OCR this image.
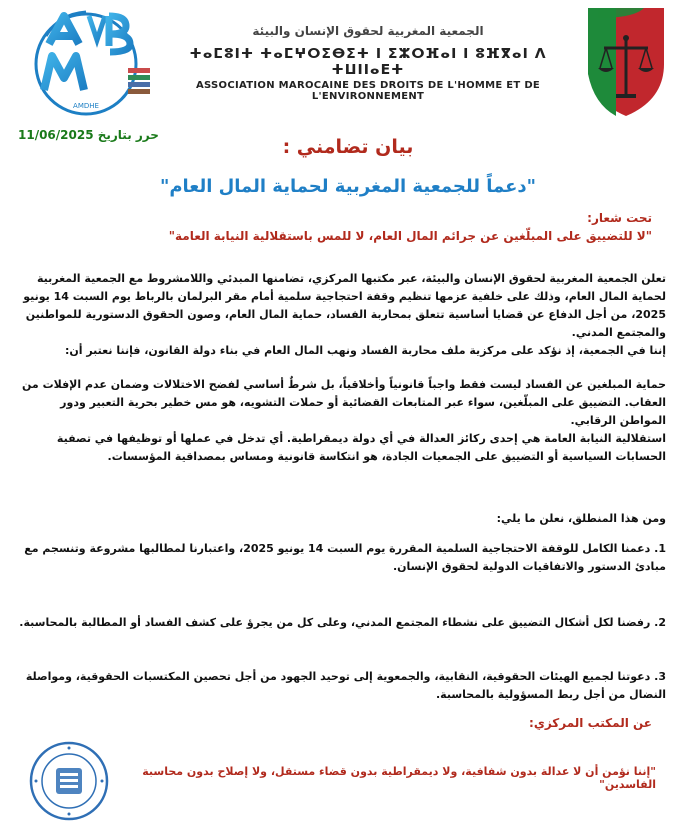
AMDHE
الجمعية المغربية لحقوق الإنسان والبيئة
ⵜⴰⵎⵓⵏⵜ ⵜⴰⵎⵖⵔⵉⴱⵉⵜ ⵏ ⵉⵣⵔⴼⴰⵏ ⵏ ⵓⴼⴳⴰⵏ ⴷ ⵜⵡⵏⵏⴰⴹⵜ
ASSOCIATION MAROCAINE DES DROITS DE L'HOMME ET DE L'ENVIRONNEMENT
حرر بتاريخ 11/06/2025
بيان تضامني :
"دعماً للجمعية المغربية لحماية المال العام"
تحت شعار:
"لا للتضييق على المبلّغين عن جرائم المال العام، لا للمس باستقلالية النيابة العامة"
تعلن الجمعية المغربية لحقوق الإنسان والبيئة، عبر مكتبها المركزي، تضامنها المبدئي واللامشروط مع الجمعية المغربية لحماية المال العام، وذلك على خلفية عزمها تنظيم وقفة احتجاجية سلمية أمام مقر البرلمان بالرباط يوم السبت 14 يونيو 2025، من أجل الدفاع عن قضايا أساسية تتعلق بمحاربة الفساد، حماية المال العام، وصون الحقوق الدستورية للمواطنين والمجتمع المدني.
إننا في الجمعية، إذ نؤكد على مركزية ملف محاربة الفساد ونهب المال العام في بناء دولة القانون، فإننا نعتبر أن:
حماية المبلغين عن الفساد ليست فقط واجباً قانونياً وأخلاقياً، بل شرطٌ أساسي لفضح الاختلالات وضمان عدم الإفلات من العقاب. التضييق على المبلّغين، سواء عبر المتابعات القضائية أو حملات التشويه، هو مس خطير بحرية التعبير ودور المواطن الرقابي.
استقلالية النيابة العامة هي إحدى ركائز العدالة في أي دولة ديمقراطية. أي تدخل في عملها أو توظيفها في تصفية الحسابات السياسية أو التضييق على الجمعيات الجادة، هو انتكاسة قانونية ومساس بمصداقية المؤسسات.
ومن هذا المنطلق، نعلن ما يلي:
1. دعمنا الكامل للوقفة الاحتجاجية السلمية المقررة يوم السبت 14 يونيو 2025، واعتبارنا لمطالبها مشروعة وتنسجم مع مبادئ الدستور والاتفاقيات الدولية لحقوق الإنسان.
2. رفضنا لكل أشكال التضييق على نشطاء المجتمع المدني، وعلى كل من يجرؤ على كشف الفساد أو المطالبة بالمحاسبة.
3. دعوتنا لجميع الهيئات الحقوقية، النقابية، والجمعوية إلى توحيد الجهود من أجل تحصين المكتسبات الحقوقية، ومواصلة النضال من أجل ربط المسؤولية بالمحاسبة.
عن المكتب المركزي:
"إننا نؤمن أن لا عدالة بدون شفافية، ولا ديمقراطية بدون قضاء مستقل، ولا إصلاح بدون محاسبة الفاسدين"
